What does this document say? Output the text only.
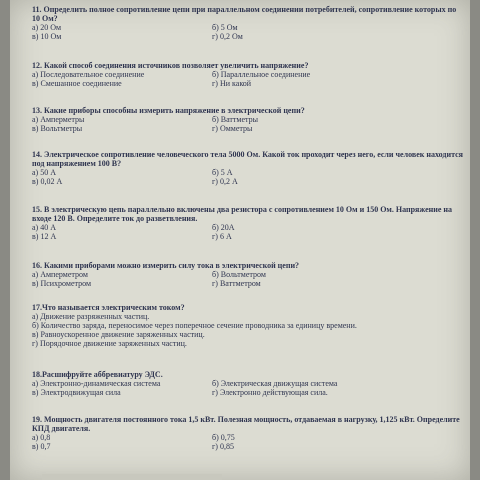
11. Определить полное сопротивление цепи при параллельном соединении потребителей, сопротивление которых по 10 Ом?
а) 20 Ом	б) 5 Ом
в) 10 Ом	г) 0,2 Ом
12. Какой способ соединения источников позволяет увеличить напряжение?
а) Последовательное соединение	б) Параллельное соединение
в) Смешанное соединение	г) Ни какой
13. Какие приборы способны измерить напряжение в электрической цепи?
а) Амперметры	б) Ваттметры
в) Вольтметры	г) Омметры
14. Электрическое сопротивление человеческого тела 5000 Ом. Какой ток проходит через него, если человек находится под напряжением 100 В?
а) 50 А	б) 5 А
в) 0,02 А	г) 0,2 А
15. В электрическую цепь параллельно включены два резистора с сопротивлением 10 Ом и 150 Ом. Напряжение на входе 120 В. Определите ток до разветвления.
а) 40 А	б) 20А
в) 12 А	г) 6 А
16. Какими приборами можно измерить силу тока в электрической цепи?
а) Амперметром	б) Вольтметром
в) Психрометром	г) Ваттметром
17.Что называется электрическим током?
а) Движение разряженных частиц.
б) Количество заряда, переносимое через поперечное сечение проводника за единицу времени.
в) Равноускоренное движение заряженных частиц.
г) Порядочное движение заряженных частиц.
18.Расшифруйте аббревиатуру ЭДС.
а) Электронно-динамическая система	б) Электрическая движущая система
в) Электродвижущая сила	г) Электронно действующая сила.
19. Мощность двигателя постоянного тока 1,5 кВт. Полезная мощность, отдаваемая в нагрузку, 1,125 кВт. Определите КПД двигателя.
а) 0,8	б) 0,75
в) 0,7	г) 0,85
